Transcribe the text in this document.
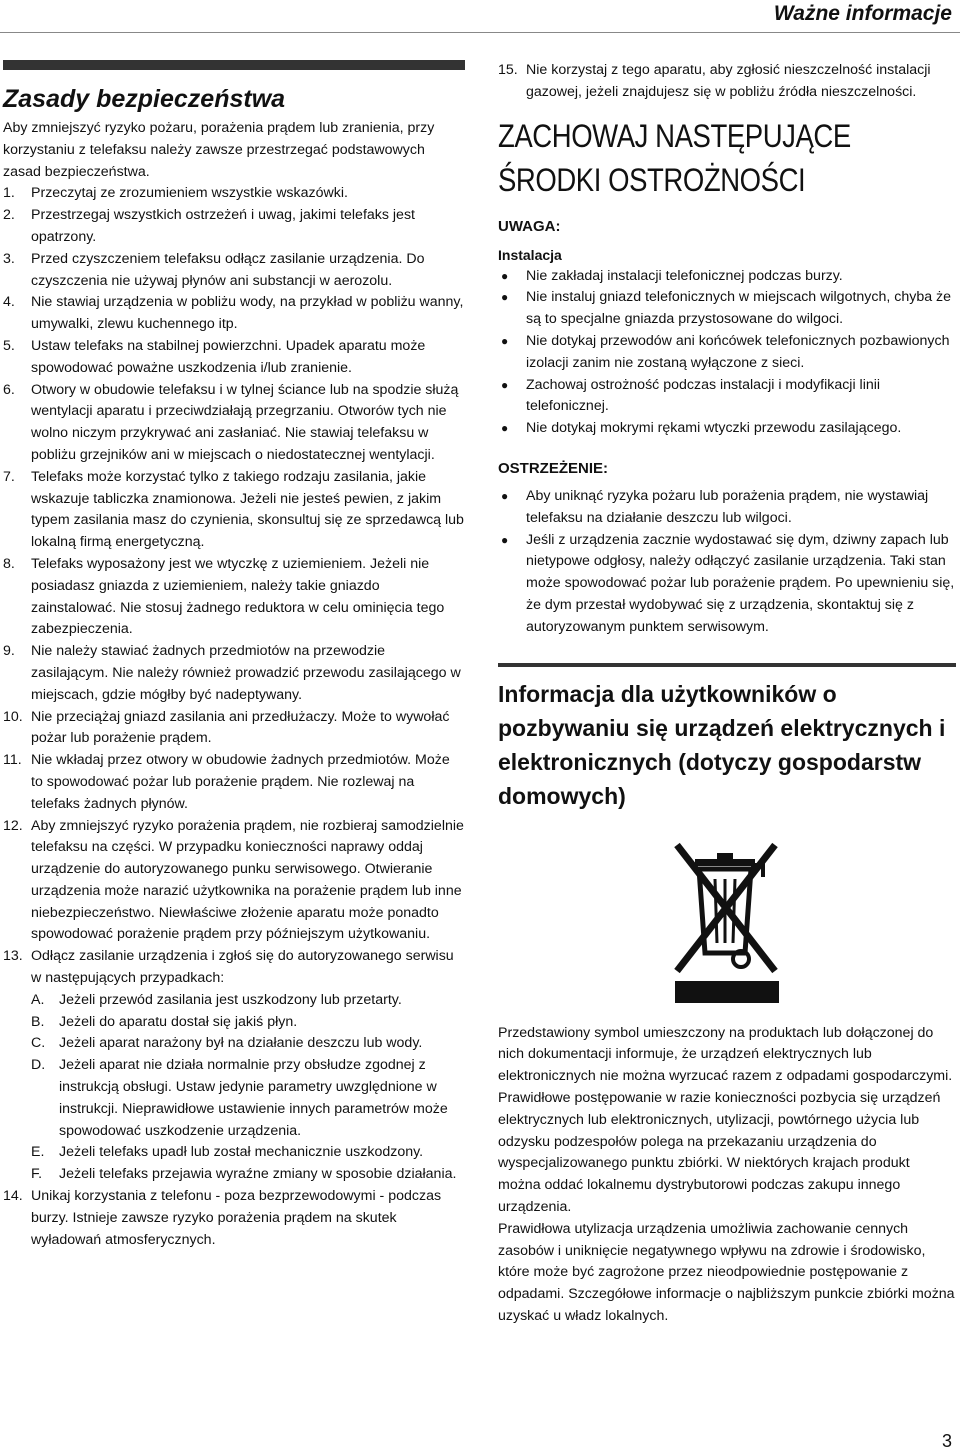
Ważne informacje
Zasady bezpieczeństwa

Aby zmniejszyć ryzyko pożaru, porażenia prądem lub zranienia, przy korzystaniu z telefaksu należy zawsze przestrzegać podstawowych zasad bezpieczeństwa.

1. Przeczytaj ze zrozumieniem wszystkie wskazówki.
2. Przestrzegaj wszystkich ostrzeżeń i uwag, jakimi telefaks jest opatrzony.
3. Przed czyszczeniem telefaksu odłącz zasilanie urządzenia. Do czyszczenia nie używaj płynów ani substancji w aerozolu.
4. Nie stawiaj urządzenia w pobliżu wody, na przykład w pobliżu wanny, umywalki, zlewu kuchennego itp.
5. Ustaw telefaks na stabilnej powierzchni. Upadek aparatu może spowodować poważne uszkodzenia i/lub zranienie.
6. Otwory w obudowie telefaksu i w tylnej ściance lub na spodzie służą wentylacji aparatu i przeciwdziałają przegrzaniu. Otworów tych nie wolno niczym przykrywać ani zasłaniać. Nie stawiaj telefaksu w pobliżu grzejników ani w miejscach o niedostatecznej wentylacji.
7. Telefaks może korzystać tylko z takiego rodzaju zasilania, jakie wskazuje tabliczka znamionowa. Jeżeli nie jesteś pewien, z jakim typem zasilania masz do czynienia, skonsultuj się ze sprzedawcą lub lokalną firmą energetyczną.
8. Telefaks wyposażony jest we wtyczkę z uziemieniem. Jeżeli nie posiadasz gniazda z uziemieniem, należy takie gniazdo zainstalować. Nie stosuj żadnego reduktora w celu ominięcia tego zabezpieczenia.
9. Nie należy stawiać żadnych przedmiotów na przewodzie zasilającym. Nie należy również prowadzić przewodu zasilającego w miejscach, gdzie mógłby być nadeptywany.
10. Nie przeciążaj gniazd zasilania ani przedłużaczy. Może to wywołać pożar lub porażenie prądem.
11. Nie wkładaj przez otwory w obudowie żadnych przedmiotów. Może to spowodować pożar lub porażenie prądem. Nie rozlewaj na telefaks żadnych płynów.
12. Aby zmniejszyć ryzyko porażenia prądem, nie rozbieraj samodzielnie telefaksu na części. W przypadku konieczności naprawy oddaj urządzenie do autoryzowanego punku serwisowego. Otwieranie urządzenia może narazić użytkownika na porażenie prądem lub inne niebezpieczeństwo. Niewłaściwe złożenie aparatu może ponadto spowodować porażenie prądem przy późniejszym użytkowaniu.
13. Odłącz zasilanie urządzenia i zgłoś się do autoryzowanego serwisu w następujących przypadkach:
A. Jeżeli przewód zasilania jest uszkodzony lub przetarty.
B. Jeżeli do aparatu dostał się jakiś płyn.
C. Jeżeli aparat narażony był na działanie deszczu lub wody.
D. Jeżeli aparat nie działa normalnie przy obsłudze zgodnej z instrukcją obsługi. Ustaw jedynie parametry uwzględnione w instrukcji. Nieprawidłowe ustawienie innych parametrów może spowodować uszkodzenie urządzenia.
E. Jeżeli telefaks upadł lub został mechanicznie uszkodzony.
F. Jeżeli telefaks przejawia wyraźne zmiany w sposobie działania.
14. Unikaj korzystania z telefonu - poza bezprzewodowymi - podczas burzy. Istnieje zawsze ryzyko porażenia prądem na skutek wyładowań atmosferycznych.
15. Nie korzystaj z tego aparatu, aby zgłosić nieszczelność instalacji gazowej, jeżeli znajdujesz się w pobliżu źródła nieszczelności.
ZACHOWAJ NASTĘPUJĄCE
ŚRODKI OSTROŻNOŚCI
UWAGA:
Instalacja
● Nie zakładaj instalacji telefonicznej podczas burzy.
● Nie instaluj gniazd telefonicznych w miejscach wilgotnych, chyba że są to specjalne gniazda przystosowane do wilgoci.
● Nie dotykaj przewodów ani końcówek telefonicznych pozbawionych izolacji zanim nie zostaną wyłączone z sieci.
● Zachowaj ostrożność podczas instalacji i modyfikacji linii telefonicznej.
● Nie dotykaj mokrymi rękami wtyczki przewodu zasilającego.
OSTRZEŻENIE:
● Aby uniknąć ryzyka pożaru lub porażenia prądem, nie wystawiaj telefaksu na działanie deszczu lub wilgoci.
● Jeśli z urządzenia zacznie wydostawać się dym, dziwny zapach lub nietypowe odgłosy, należy odłączyć zasilanie urządzenia. Taki stan może spowodować pożar lub porażenie prądem. Po upewnieniu się, że dym przestał wydobywać się z urządzenia, skontaktuj się z autoryzowanym punktem serwisowym.
Informacja dla użytkowników o pozbywaniu się urządzeń elektrycznych i elektronicznych (dotyczy gospodarstw domowych)

Przedstawiony symbol umieszczony na produktach lub dołączonej do nich dokumentacji informuje, że urządzeń elektrycznych lub elektronicznych nie można wyrzucać razem z odpadami gospodarczymi.

Prawidłowe postępowanie w razie konieczności pozbycia się urządzeń elektrycznych lub elektronicznych, utylizacji, powtórnego użycia lub odzysku podzespołów polega na przekazaniu urządzenia do wyspecjalizowanego punktu zbiórki. W niektórych krajach produkt można oddać lokalnemu dystrybutorowi podczas zakupu innego urządzenia.

Prawidłowa utylizacja urządzenia umożliwia zachowanie cennych zasobów i uniknięcie negatywnego wpływu na zdrowie i środowisko, które może być zagrożone przez nieodpowiednie postępowanie z odpadami. Szczegółowe informacje o najbliższym punkcie zbiórki można uzyskać u władz lokalnych.

3
